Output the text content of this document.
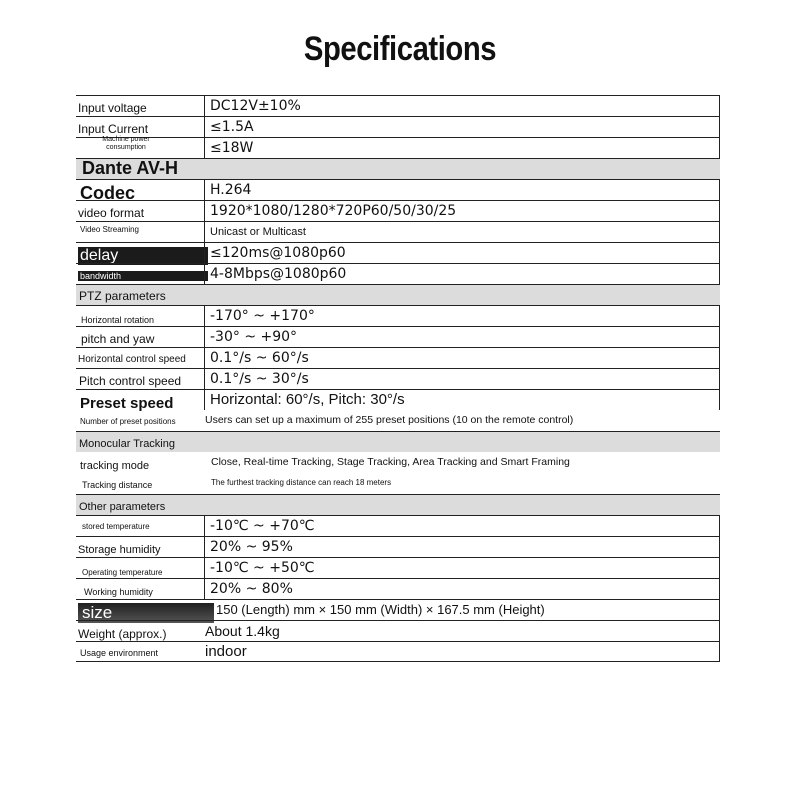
Specifications
Input voltage	DC12V±10%
Input Current	≤1.5A
Machine power consumption	≤18W
Dante AV-H
Codec	H.264
video format	1920*1080/1280*720P60/50/30/25
Video Streaming	Unicast or Multicast
delay	≤120ms@1080p60
bandwidth	4-8Mbps@1080p60
PTZ parameters
Horizontal rotation	-170° ~ +170°
pitch and yaw	-30° ~ +90°
Horizontal control speed	0.1°/s ~ 60°/s
Pitch control speed	0.1°/s ~ 30°/s
Preset speed	Horizontal: 60°/s, Pitch: 30°/s
Number of preset positions	Users can set up a maximum of 255 preset positions (10 on the remote control)
Monocular Tracking
tracking mode	Close, Real-time Tracking, Stage Tracking, Area Tracking and Smart Framing
Tracking distance	The furthest tracking distance can reach 18 meters
Other parameters
stored temperature	-10℃ ~ +70℃
Storage humidity	20% ~ 95%
Operating temperature	-10℃ ~ +50℃
Working humidity	20% ~ 80%
size	150 (Length) mm × 150 mm (Width) × 167.5 mm (Height)
Weight (approx.)	About 1.4kg
Usage environment	indoor
